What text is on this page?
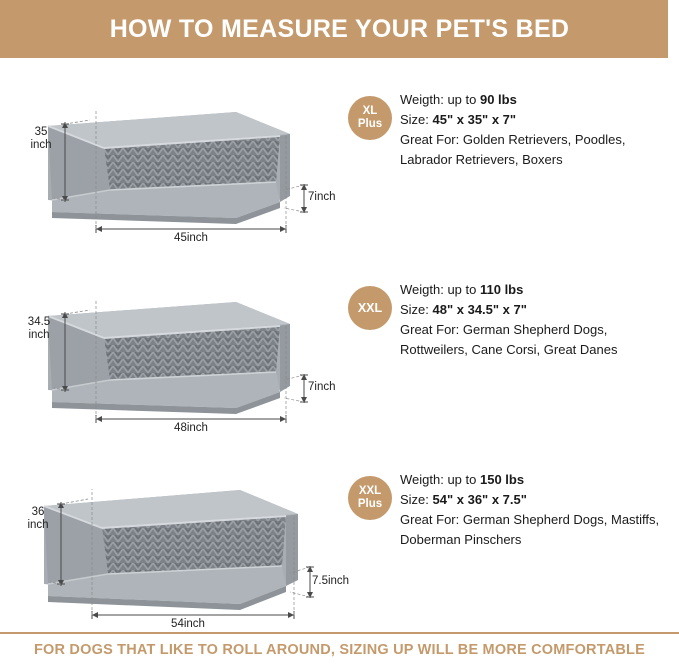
HOW TO MEASURE YOUR PET'S BED
35
inch
45inch
7inch
XL
Plus
Weigth: up to 90 lbs
Size: 45" x 35" x 7"
Great For: Golden Retrievers, Poodles, Labrador Retrievers, Boxers
34.5
inch
48inch
7inch
XXL
Weigth: up to 110 lbs
Size: 48" x 34.5" x 7"
Great For: German Shepherd Dogs, Rottweilers, Cane Corsi, Great Danes
36
inch
54inch
7.5inch
XXL
Plus
Weigth: up to 150 lbs
Size: 54" x 36" x 7.5"
Great For: German Shepherd Dogs, Mastiffs, Doberman Pinschers
FOR DOGS THAT LIKE TO ROLL AROUND, SIZING UP WILL BE MORE COMFORTABLE
